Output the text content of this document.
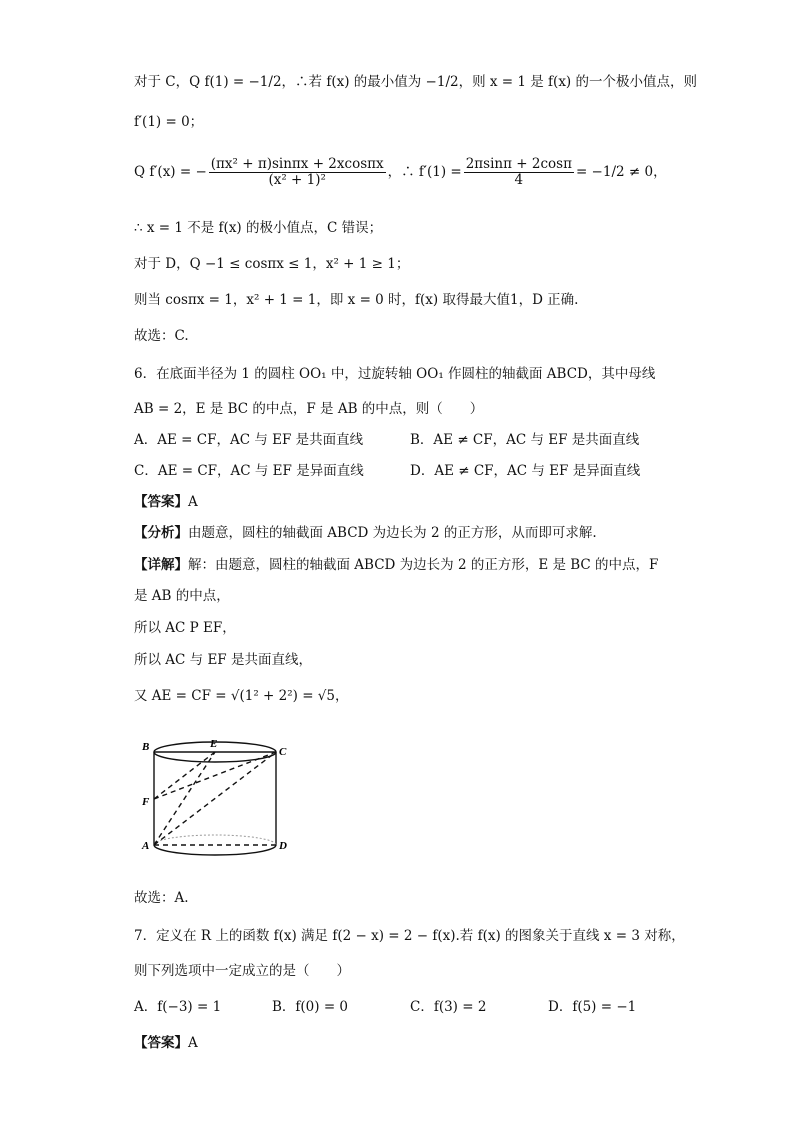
对于 C，Q f(1) = −1/2，∴若 f(x) 的最小值为 −1/2，则 x = 1 是 f(x) 的一个极小值点，则
f′(1) = 0；
Q f′(x) = − $\frac{\text{(πx² + π)sinπx + 2xcosπx}}{\text{(x² + 1)²}}$ ，∴ $f'(1) = \frac{2\pi\sin\pi + 2\cos\pi}{4} = -1/2 \ne 0$，
∴ x = 1 不是 f(x) 的极小值点，C 错误；
对于 D，Q −1 ≤ cosπx ≤ 1，x² + 1 ≥ 1；
则当 cosπx = 1，x² + 1 = 1，即 x = 0 时，f(x) 取得最大值1，D 正确.
故选：C.
6．在底面半径为 1 的圆柱 OO₁ 中，过旋转轴 OO₁ 作圆柱的轴截面 ABCD，其中母线
AB = 2，E 是 BC 的中点，F 是 AB 的中点，则（　　）
A．AE = CF，AC 与 EF 是共面直线	B．AE ≠ CF，AC 与 EF 是共面直线
C．AE = CF，AC 与 EF 是异面直线	D．AE ≠ CF，AC 与 EF 是异面直线
【答案】A
【分析】由题意，圆柱的轴截面 ABCD 为边长为 2 的正方形，从而即可求解.
【详解】解：由题意，圆柱的轴截面 ABCD 为边长为 2 的正方形，E 是 BC 的中点，F
是 AB 的中点，
所以 AC P EF，
所以 AC 与 EF 是共面直线，
又 AE = CF = √(1² + 2²) = √5，
B	E
C
F
A	D
故选：A.
7．定义在 R 上的函数 f(x) 满足 f(2 − x) = 2 − f(x).若 f(x) 的图象关于直线 x = 3 对称，
则下列选项中一定成立的是（　　）
A．f(−3) = 1	B．f(0) = 0	C．f(3) = 2	D．f(5) = −1
【答案】A
